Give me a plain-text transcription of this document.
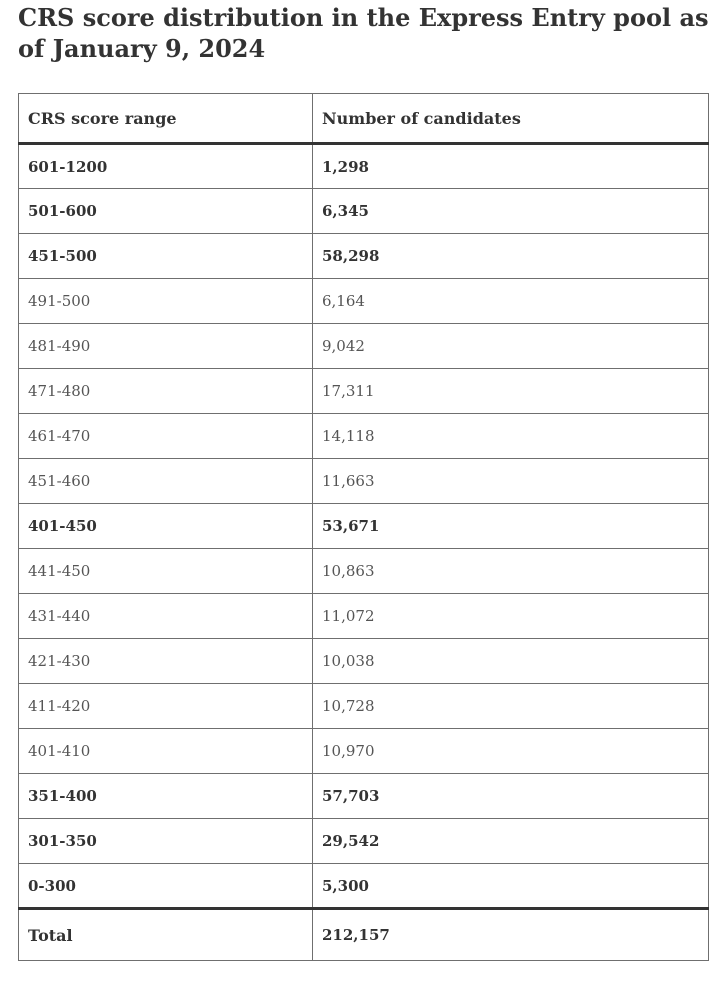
CRS score distribution in the Express Entry pool as of January 9, 2024
CRS score range	Number of candidates
601-1200	1,298
501-600	6,345
451-500	58,298
491-500	6,164
481-490	9,042
471-480	17,311
461-470	14,118
451-460	11,663
401-450	53,671
441-450	10,863
431-440	11,072
421-430	10,038
411-420	10,728
401-410	10,970
351-400	57,703
301-350	29,542
0-300	5,300
Total	212,157
